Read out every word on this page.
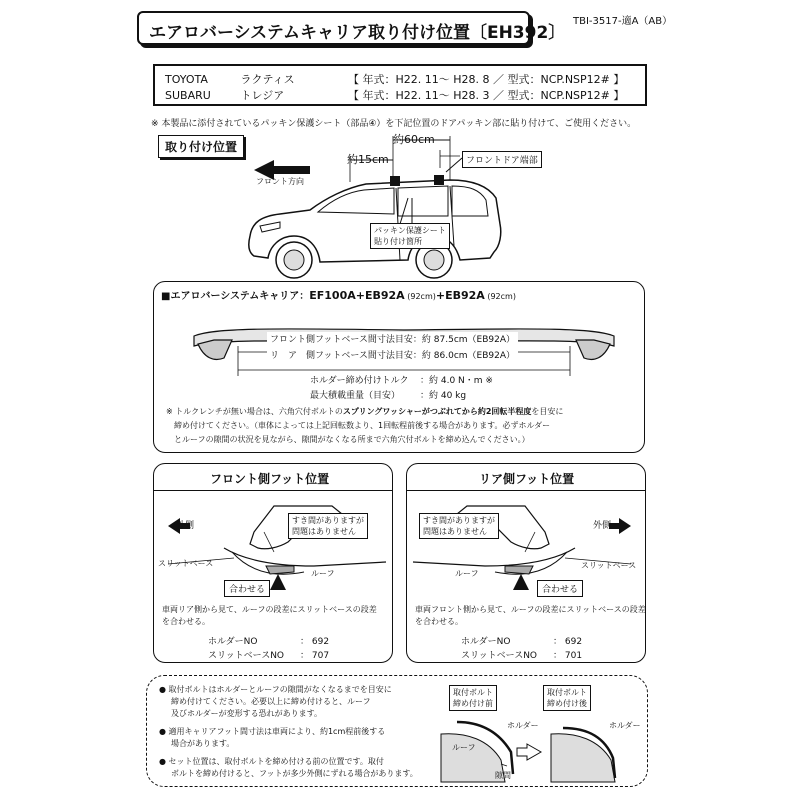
エアロバーシステムキャリア取り付け位置〔EH392〕
TBI-3517-適A（AB）
TOYOTA	ラクティス	【 年式：H22. 11〜 H28. 8 ／ 型式：NCP.NSP12# 】
SUBARU	トレジア	【 年式：H22. 11〜 H28. 3 ／ 型式：NCP.NSP12# 】
※ 本製品に添付されているパッキン保護シート（部品④）を下記位置のドアパッキン部に貼り付けて、ご使用ください。
取り付け位置
約60cm
約15cm	フロントドア端部
フロント方向
パッキン保護シート
貼り付け箇所
■エアロバーシステムキャリア：EF100A+EB92A (92cm)+EB92A (92cm)
フロント側フットベース間寸法目安：約 87.5cm（EB92A）
リ　ア　側フットベース間寸法目安：約 86.0cm（EB92A）
ホルダー締め付けトルク ：約 4.0 N・m ※
最大積載重量（目安） ：約 40 kg
※ トルクレンチが無い場合は、六角穴付ボルトのスプリングワッシャーがつぶれてから約2回転半程度を目安に
締め付けてください。（車体によっては上記回転数より、1回転程前後する場合があります。必ずホルダー
とルーフの隙間の状況を見ながら、隙間がなくなる所まで六角穴付ボルトを締め込んでください。）
フロント側フット位置
外側
すき間がありますが
問題はありません
スリットベース
ルーフ
合わせる
車両リア側から見て、ルーフの段差にスリットベースの段差
を合わせる。
ホルダーNO	： 692
スリットベースNO ： 707
リア側フット位置
外側
すき間がありますが
問題はありません
スリットベース
ルーフ
合わせる
車両フロント側から見て、ルーフの段差にスリットベースの段差
を合わせる。
ホルダーNO	： 692
スリットベースNO ： 701
● 取付ボルトはホルダーとルーフの隙間がなくなるまでを目安に
締め付けてください。必要以上に締め付けると、ルーフ
及びホルダーが変形する恐れがあります。
● 適用キャリアフット間寸法は車両により、約1cm程前後する
場合があります。
● セット位置は、取付ボルトを締め付ける前の位置です。取付
ボルトを締め付けると、フットが多少外側にずれる場合があります。
取付ボルト
締め付け前
取付ボルト
締め付け後
ホルダー	ホルダー
ルーフ
隙間
